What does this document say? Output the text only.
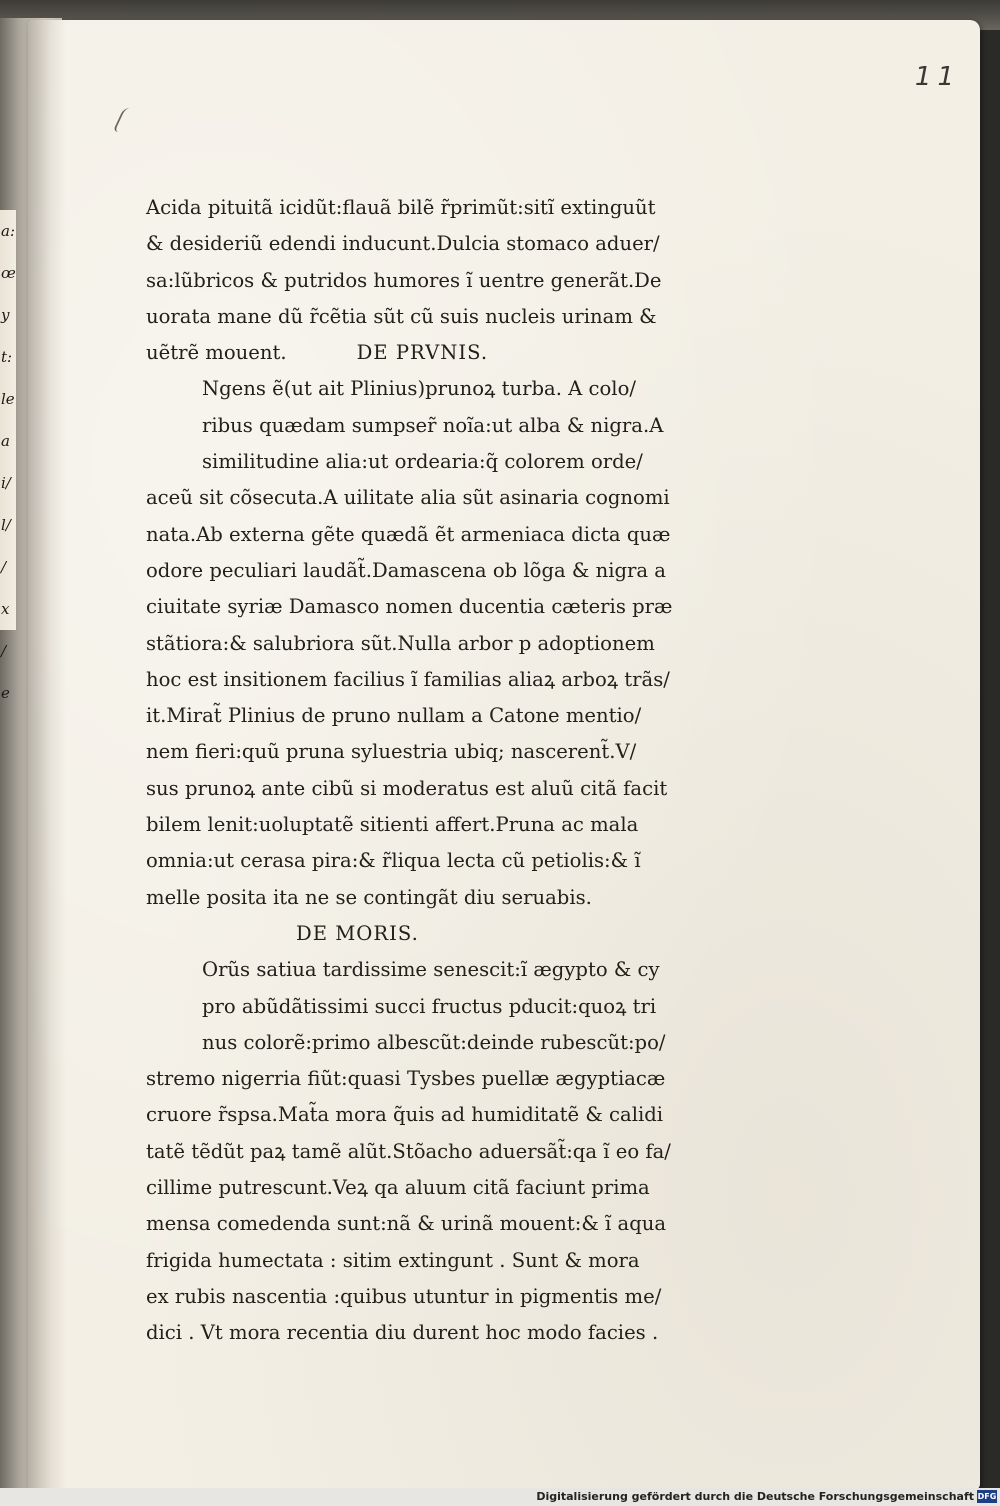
a:
œ
y
t:
le
a
i/
l/
/
x
/
e
11
Acida pituitã icidũt:flauã bilẽ r̃primũt:sitĩ extinguũt
& desideriũ edendi inducunt.Dulcia stomaco aduer/
sa:lũbricos & putridos humores ĩ uentre generãt.De
uorata mane dũ r̃cẽtia sũt cũ suis nucleis urinam &
uẽtrẽ mouent.	DE PRVNIS.
Ngens ẽ(ut ait Plinius)prunoꝝ turba. A colo/
ribus quædam sumpser̃ noĩa:ut alba & nigra.A
similitudine alia:ut ordearia:q̃ colorem orde/
aceũ sit cõsecuta.A uilitate alia sũt asinaria cognomi
nata.Ab externa gẽte quædã ẽt armeniaca dicta quæ
odore peculiari laudãt̃.Damascena ob lõga & nigra a
ciuitate syriæ Damasco nomen ducentia cæteris præ
stãtiora:& salubriora sũt.Nulla arbor p adoptionem
hoc est insitionem facilius ĩ familias aliaꝝ arboꝝ trãs/
it.Mirat̃ Plinius de pruno nullam a Catone mentio/
nem fieri:quũ pruna syluestria ubiq; nascerent̃.V/
sus prunoꝝ ante cibũ si moderatus est aluũ citã facit
bilem lenit:uoluptatẽ sitienti affert.Pruna ac mala
omnia:ut cerasa pira:& r̃liqua lecta cũ petiolis:& ĩ
melle posita ita ne se contingãt diu seruabis.
DE MORIS.
Orũs satiua tardissime senescit:ĩ ægypto & cy
pro abũdãtissimi succi fructus pducit:quoꝝ tri
nus colorẽ:primo albescũt:deinde rubescũt:po/
stremo nigerria fiũt:quasi Tysbes puellæ ægyptiacæ
cruore r̃spsa.Mat̃a mora q̃uis ad humiditatẽ & calidi
tatẽ tẽdũt paꝝ tamẽ alũt.Stõacho aduersãt̃:qa ĩ eo fa/
cillime putrescunt.Veꝝ qa aluum citã faciunt prima
mensa comedenda sunt:nã & urinã mouent:& ĩ aqua
frigida humectata : sitim extingunt . Sunt & mora
ex rubis nascentia :quibus utuntur in pigmentis me/
dici . Vt mora recentia diu durent hoc modo facies .
Digitalisierung gefördert durch die Deutsche Forschungsgemeinschaft DFG
